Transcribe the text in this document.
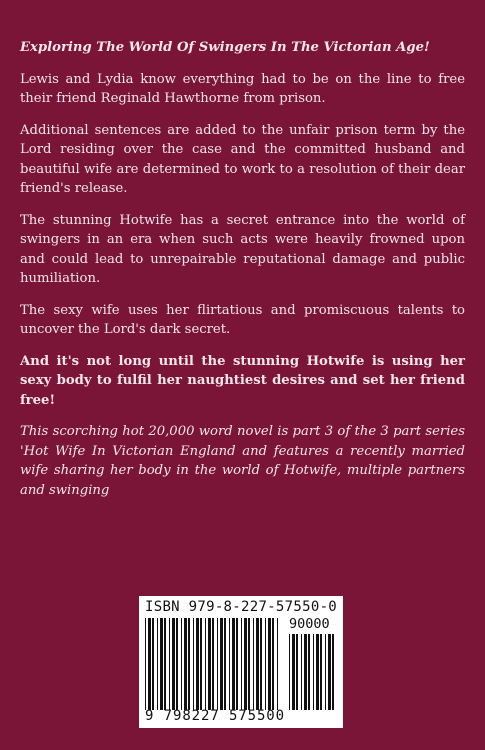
Exploring The World Of Swingers In The Victorian Age!

Lewis and Lydia know everything had to be on the line to free their friend Reginald Hawthorne from prison.

Additional sentences are added to the unfair prison term by the Lord residing over the case and the committed husband and beautiful wife are determined to work to a resolution of their dear friend's release.

The stunning Hotwife has a secret entrance into the world of swingers in an era when such acts were heavily frowned upon and could lead to unrepairable reputational damage and public humiliation.

The sexy wife uses her flirtatious and promiscuous talents to uncover the Lord's dark secret.

And it's not long until the stunning Hotwife is using her sexy body to fulfil her naughtiest desires and set her friend free!

This scorching hot 20,000 word novel is part 3 of the 3 part series 'Hot Wife In Victorian England and features a recently married wife sharing her body in the world of Hotwife, multiple partners and swinging

ISBN 979-8-227-57550-0
90000
9 798227 575500
